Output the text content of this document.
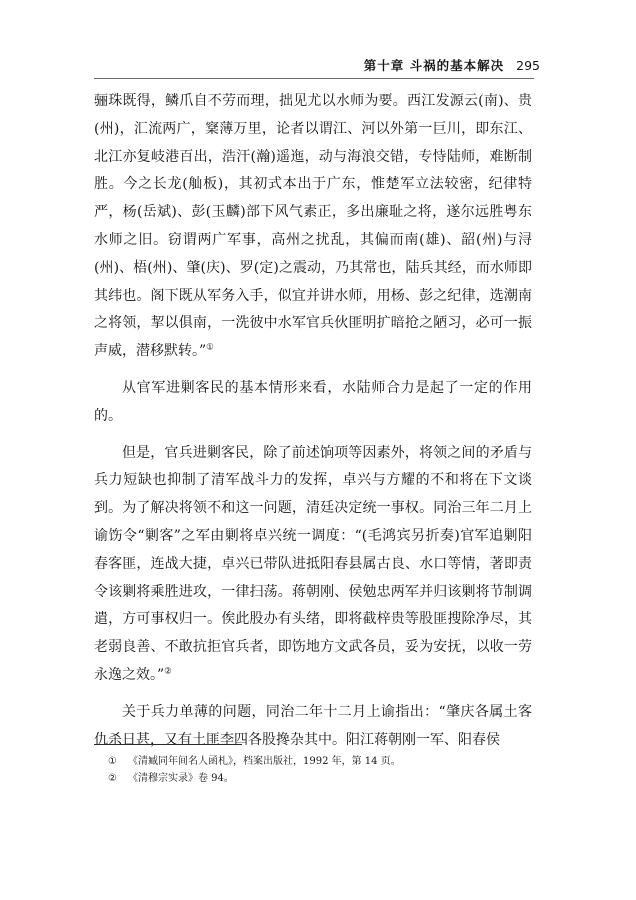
第十章 斗祸的基本解决 295

骊珠既得，鳞爪自不劳而理，拙见尤以水师为要。西江发源云(南)、贵(州)，汇流两广，㮤薄万里，论者以谓江、河以外第一巨川，即东江、北江亦复岐港百出，浩汗(瀚)遥迤，动与海浪交错，专恃陆师，难断制胜。今之长龙(舢板)，其初式本出于广东，惟楚军立法较密，纪律特严，杨(岳斌)、彭(玉麟)部下风气素正，多出廉耻之将，遂尔远胜粤东水师之旧。窃谓两广军事，高州之扰乱，其偏而南(雄)、韶(州)与浔(州)、梧(州)、肇(庆)、罗(定)之震动，乃其常也，陆兵其经，而水师即其纬也。阁下既从军务入手，似宜并讲水师，用杨、彭之纪律，选潮南之将领，挈以俱南，一洗彼中水军官兵伙匪明扩暗抢之陋习，必可一振声威，潜移默转。”①

从官军进剿客民的基本情形来看，水陆师合力是起了一定的作用的。

但是，官兵进剿客民，除了前述饷项等因素外，将领之间的矛盾与兵力短缺也抑制了清军战斗力的发挥，卓兴与方耀的不和将在下文谈到。为了解决将领不和这一问题，清廷决定统一事权。同治三年二月上谕饬令“剿客”之军由剿将卓兴统一调度：“(毛鸿宾另折奏)官军追剿阳春客匪，连战大捷，卓兴已带队进抵阳春县属古良、水口等情，著即责令该剿将乘胜进攻，一律扫荡。蒋朝刚、侯勉忠两军并归该剿将节制调遣，方可事权归一。俟此股办有头绪，即将截梓贵等股匪搜除净尽，其老弱良善、不敢抗拒官兵者，即饬地方文武各员，妥为安抚，以收一劳永逸之效。”②

关于兵力单薄的问题，同治二年十二月上谕指出：“肇庆各属土客仇杀日甚，又有土匪李四各股搀杂其中。阳江蒋朝刚一军、阳春侯

① 《清臧同年间名人函札》，档案出版社，1992 年，第 14 页。

② 《清穆宗实录》卷 94。
